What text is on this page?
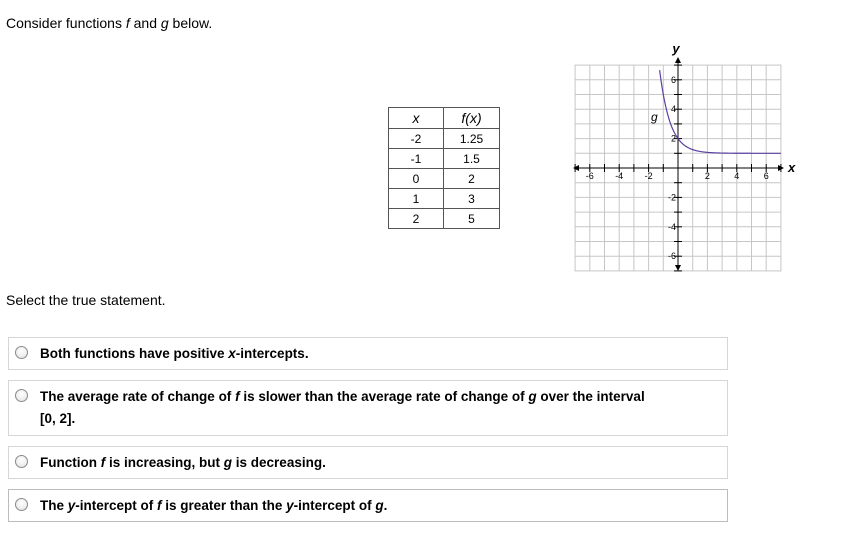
Consider functions f and g below.
x	f(x)
-2	1.25
-1	1.5
0	2
1	3
2	5
-6 -4 -2	2	4	6
6
4
2
-2
-4
-6
g
x
y
Select the true statement.
Both functions have positive x-intercepts.
The average rate of change of f is slower than the average rate of change of g over the interval
[0, 2].
Function f is increasing, but g is decreasing.
The y-intercept of f is greater than the y-intercept of g.
